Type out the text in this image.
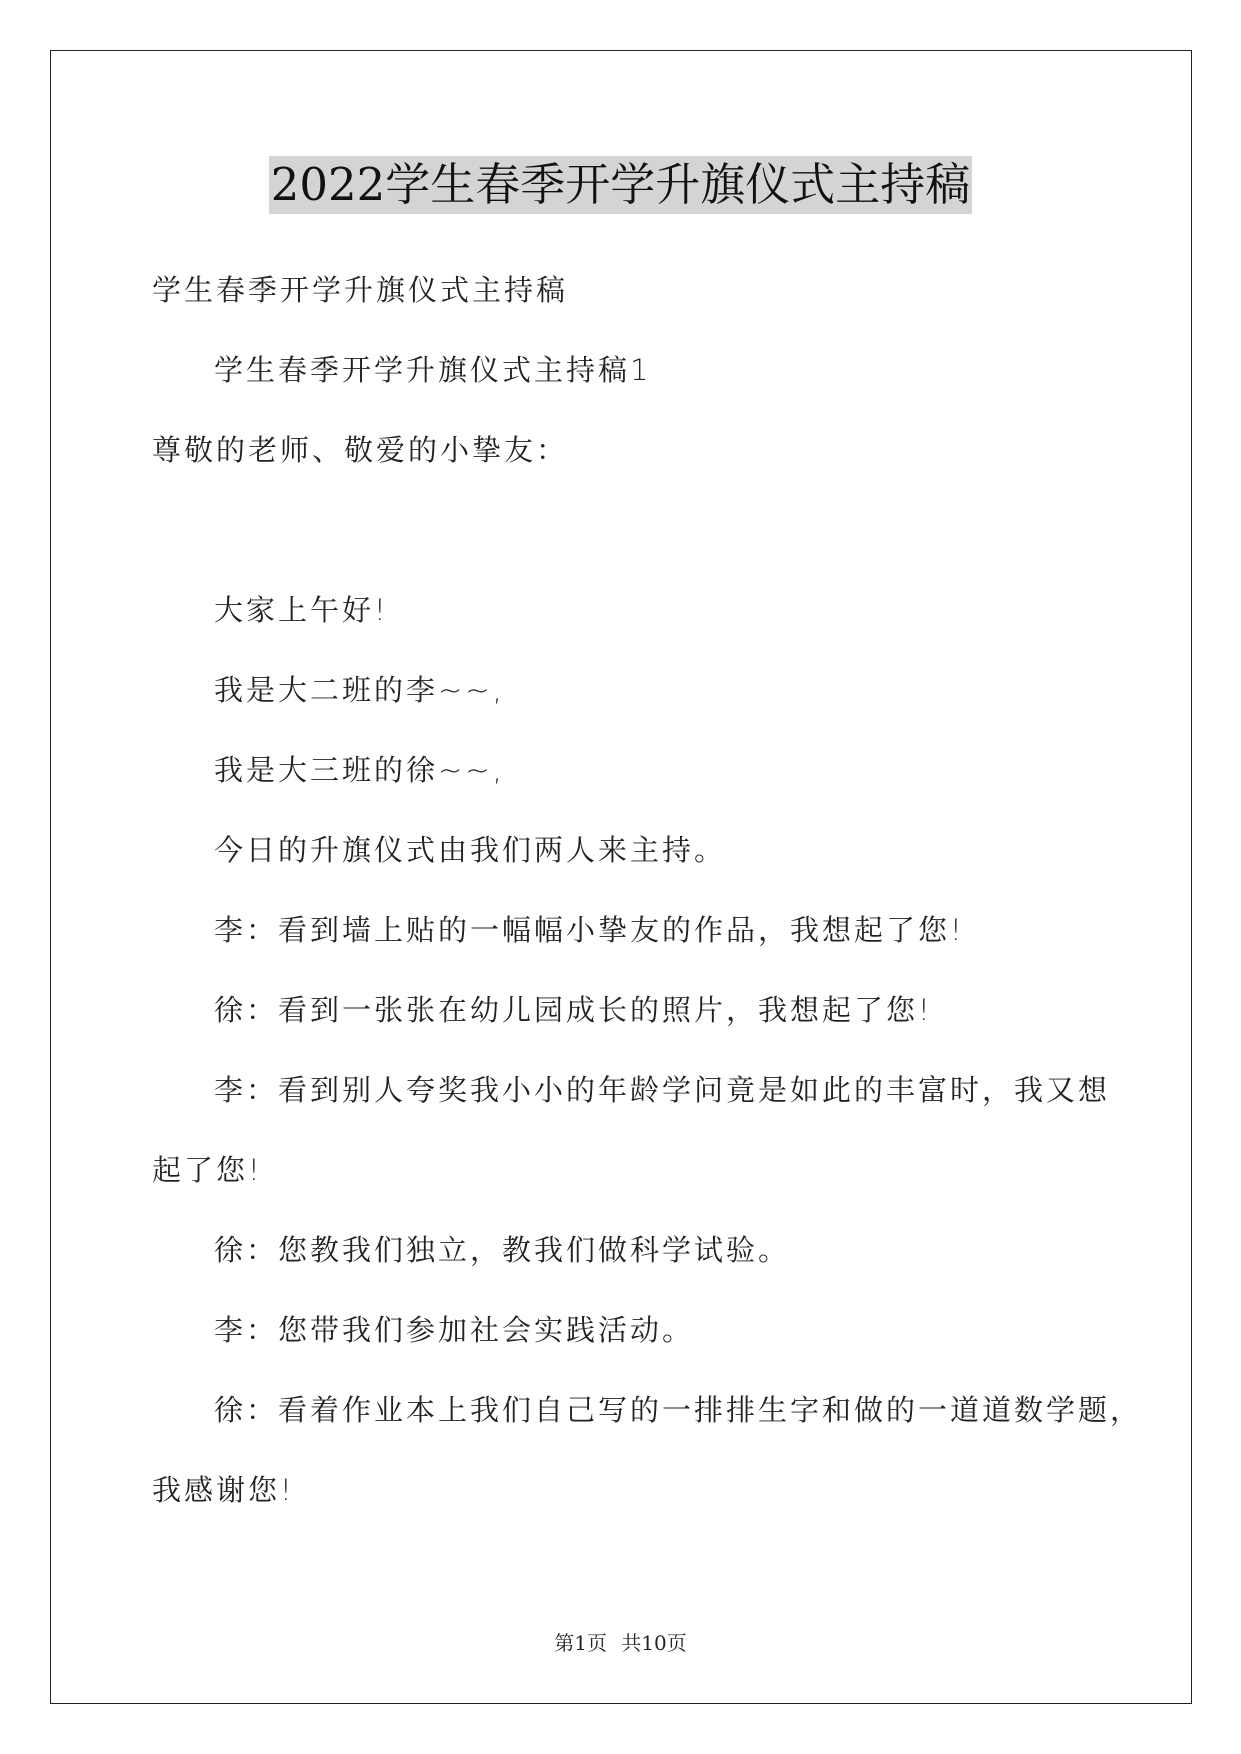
2022学生春季开学升旗仪式主持稿
学生春季开学升旗仪式主持稿
学生春季开学升旗仪式主持稿1
尊敬的老师、敬爱的小挚友：
大家上午好!
我是大二班的李~~,
我是大三班的徐~~,
今日的升旗仪式由我们两人来主持。
李：看到墙上贴的一幅幅小挚友的作品，我想起了您!
徐：看到一张张在幼儿园成长的照片，我想起了您!
李：看到别人夸奖我小小的年龄学问竟是如此的丰富时，我又想
起了您!
徐：您教我们独立，教我们做科学试验。
李：您带我们参加社会实践活动。
徐：看着作业本上我们自己写的一排排生字和做的一道道数学题，
我感谢您!
第1页 共10页
